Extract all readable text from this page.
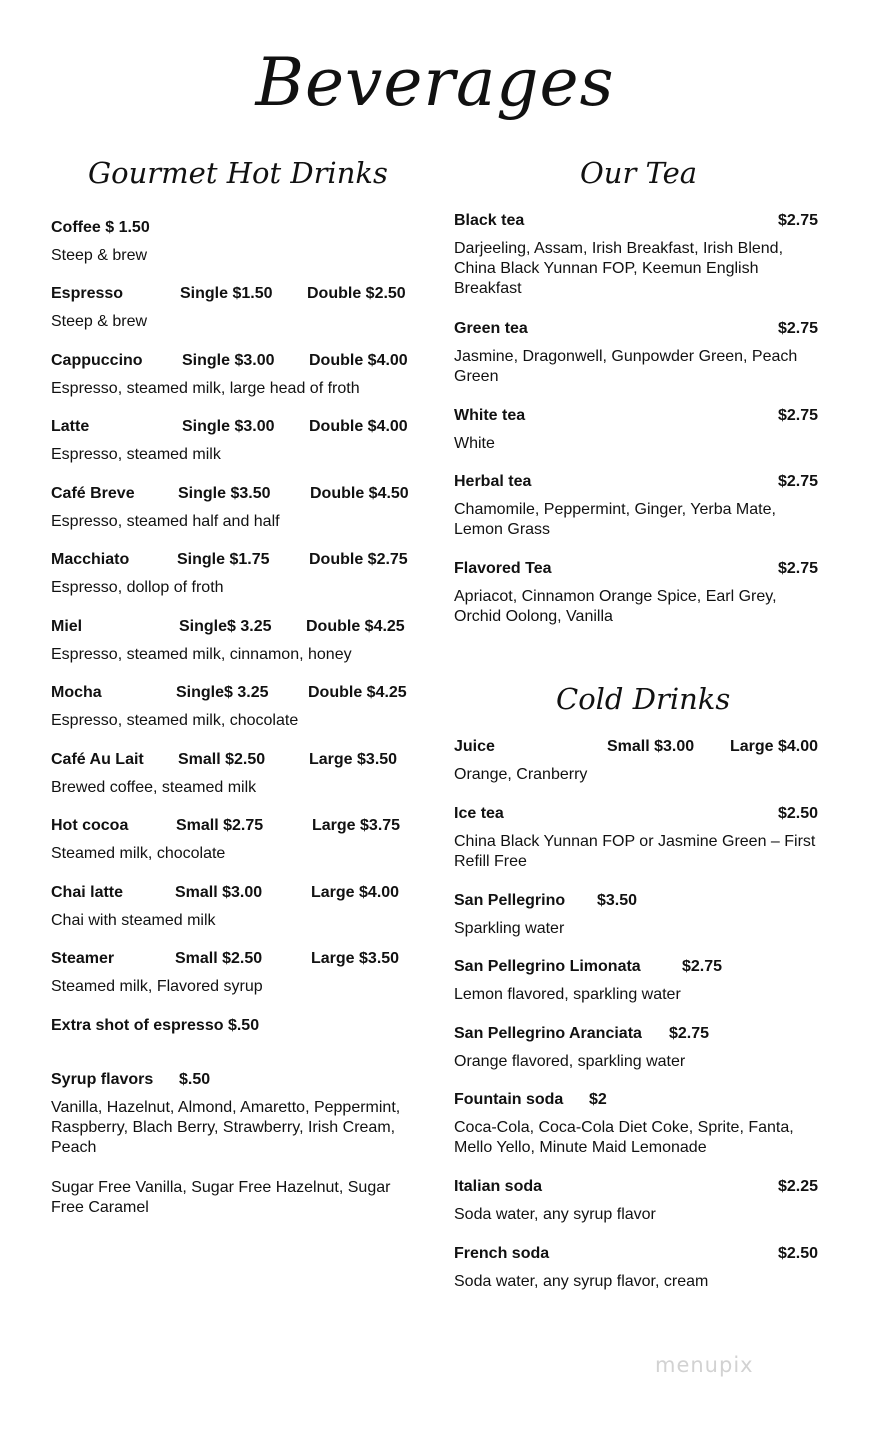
Beverages
Gourmet Hot Drinks	Our Tea
Cold Drinks
Coffee $ 1.50
Steep & brew
Espresso	Single $1.50 Double $2.50
Steep & brew
Cappuccino Single $3.00 Double $4.00
Espresso, steamed milk, large head of froth
Latte	Single $3.00 Double $4.00
Espresso, steamed milk
Café Breve	Single $3.50 Double $4.50
Espresso, steamed half and half
Macchiato	Single $1.75 Double $2.75
Espresso, dollop of froth
Miel	Single$ 3.25 Double $4.25
Espresso, steamed milk, cinnamon, honey
Mocha	Single$ 3.25 Double $4.25
Espresso, steamed milk, chocolate
Café Au Lait Small $2.50	Large $3.50
Brewed coffee, steamed milk
Hot cocoa	Small $2.75	Large $3.75
Steamed milk, chocolate
Chai latte	Small $3.00	Large $4.00
Chai with steamed milk
Steamer	Small $2.50	Large $3.50
Steamed milk, Flavored syrup
Extra shot of espresso $.50
Syrup flavors $.50
Vanilla, Hazelnut, Almond, Amaretto, Peppermint, Raspberry, Blach Berry, Strawberry, Irish Cream, Peach
Sugar Free Vanilla, Sugar Free Hazelnut, Sugar Free Caramel
Black tea	$2.75
Darjeeling, Assam, Irish Breakfast, Irish Blend, China Black Yunnan FOP, Keemun English Breakfast
Green tea	$2.75
Jasmine, Dragonwell, Gunpowder Green, Peach Green
White tea	$2.75
White
Herbal tea	$2.75
Chamomile, Peppermint, Ginger, Yerba Mate, Lemon Grass
Flavored Tea	$2.75
Apriacot, Cinnamon Orange Spice, Earl Grey, Orchid Oolong, Vanilla
Juice	Small $3.00 Large $4.00
Orange, Cranberry
Ice tea	$2.50
China Black Yunnan FOP or Jasmine Green – First Refill Free
San Pellegrino $3.50
Sparkling water
San Pellegrino Limonata	$2.75
Lemon flavored, sparkling water
San Pellegrino Aranciata $2.75
Orange flavored, sparkling water
Fountain soda $2
Coca-Cola, Coca-Cola Diet Coke, Sprite, Fanta, Mello Yello, Minute Maid Lemonade
Italian soda	$2.25
Soda water, any syrup flavor
French soda	$2.50
Soda water, any syrup flavor, cream
menupix
